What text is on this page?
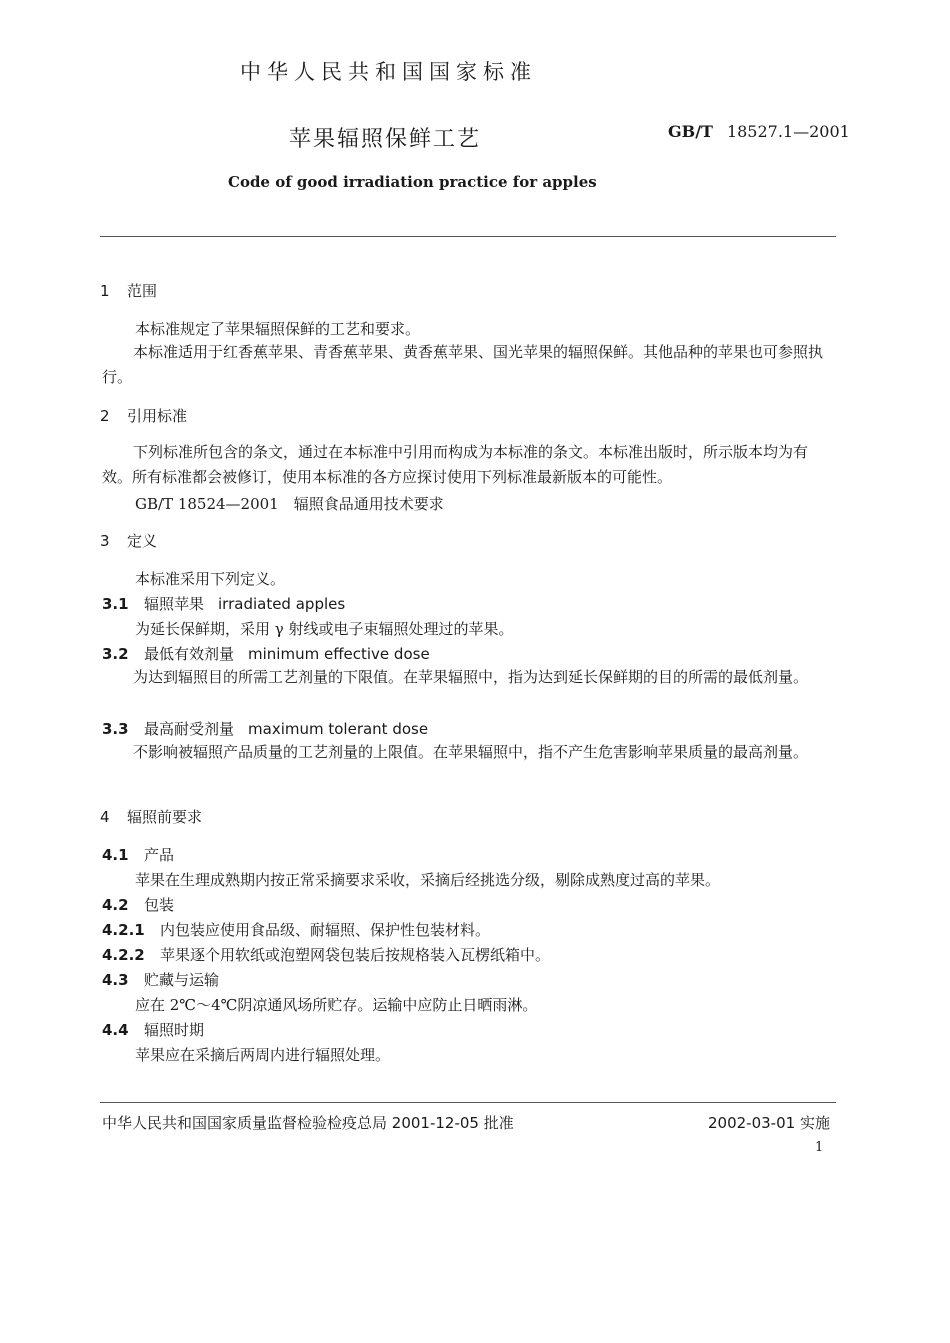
中华人民共和国国家标准
苹果辐照保鲜工艺	GB/T 18527.1—2001
Code of good irradiation practice for apples
1 范围
本标准规定了苹果辐照保鲜的工艺和要求。
本标准适用于红香蕉苹果、青香蕉苹果、黄香蕉苹果、国光苹果的辐照保鲜。其他品种的苹果也可参照执行。
2 引用标准
下列标准所包含的条文，通过在本标准中引用而构成为本标准的条文。本标准出版时，所示版本均为有效。所有标准都会被修订，使用本标准的各方应探讨使用下列标准最新版本的可能性。
GB/T 18524—2001　辐照食品通用技术要求
3 定义
本标准采用下列定义。
3.1 辐照苹果 irradiated apples
为延长保鲜期，采用 γ 射线或电子束辐照处理过的苹果。
3.2 最低有效剂量 minimum effective dose
为达到辐照目的所需工艺剂量的下限值。在苹果辐照中，指为达到延长保鲜期的目的所需的最低剂量。
3.3 最高耐受剂量 maximum tolerant dose
不影响被辐照产品质量的工艺剂量的上限值。在苹果辐照中，指不产生危害影响苹果质量的最高剂量。
4 辐照前要求
4.1 产品
苹果在生理成熟期内按正常采摘要求采收，采摘后经挑选分级，剔除成熟度过高的苹果。
4.2 包装
4.2.1 内包装应使用食品级、耐辐照、保护性包装材料。
4.2.2 苹果逐个用软纸或泡塑网袋包装后按规格装入瓦楞纸箱中。
4.3 贮藏与运输
应在 2℃～4℃阴凉通风场所贮存。运输中应防止日晒雨淋。
4.4 辐照时期
苹果应在采摘后两周内进行辐照处理。
中华人民共和国国家质量监督检验检疫总局 2001-12-05 批准	2002-03-01 实施
1
